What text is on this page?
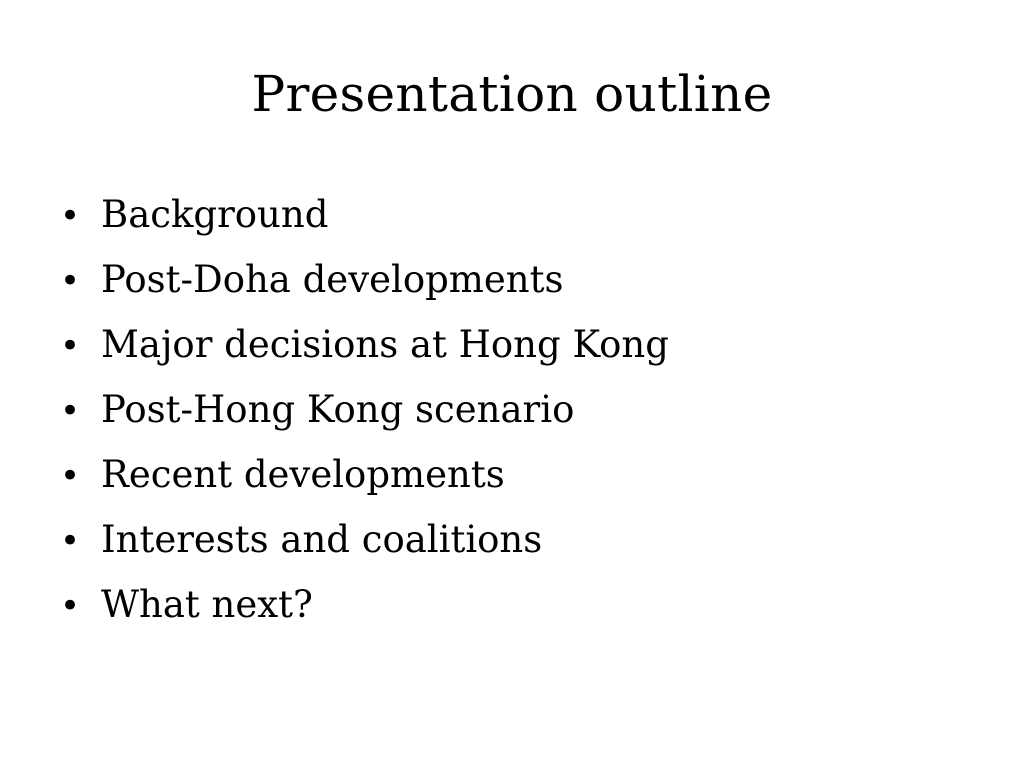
Presentation outline
• Background
• Post-Doha developments
• Major decisions at Hong Kong
• Post-Hong Kong scenario
• Recent developments
• Interests and coalitions
• What next?
